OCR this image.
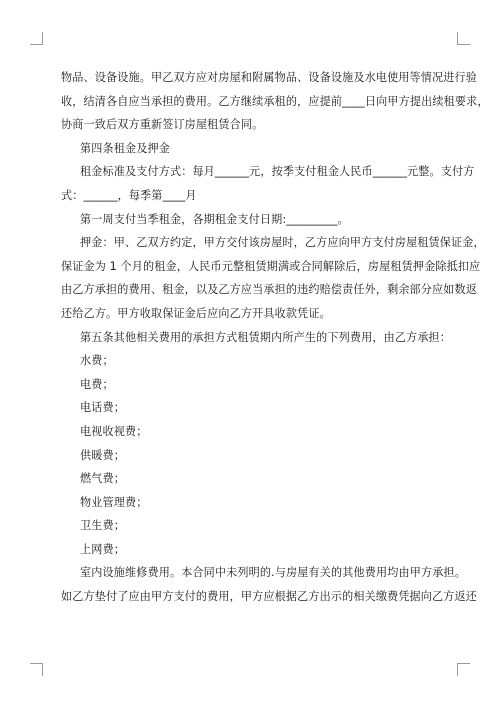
物品、设备设施。甲乙双方应对房屋和附属物品、设备设施及水电使用等情况进行验
收，结清各自应当承担的费用。乙方继续承租的，应提前____日向甲方提出续租要求，
协商一致后双方重新签订房屋租赁合同。
第四条租金及押金
租金标准及支付方式：每月______元，按季支付租金人民币______元整。支付方
式：______，每季第____月
第一周支付当季租金，各期租金支付日期:_________。
押金：甲、乙双方约定，甲方交付该房屋时，乙方应向甲方支付房屋租赁保证金，
保证金为 1 个月的租金，人民币元整租赁期满或合同解除后，房屋租赁押金除抵扣应
由乙方承担的费用、租金，以及乙方应当承担的违约赔偿责任外，剩余部分应如数返
还给乙方。甲方收取保证金后应向乙方开具收款凭证。
第五条其他相关费用的承担方式租赁期内所产生的下列费用，由乙方承担：
水费；
电费；
电话费；
电视收视费；
供暖费；
燃气费；
物业管理费；
卫生费；
上网费；
室内设施维修费用。本合同中未列明的.与房屋有关的其他费用均由甲方承担。
如乙方垫付了应由甲方支付的费用，甲方应根据乙方出示的相关缴费凭据向乙方返还
